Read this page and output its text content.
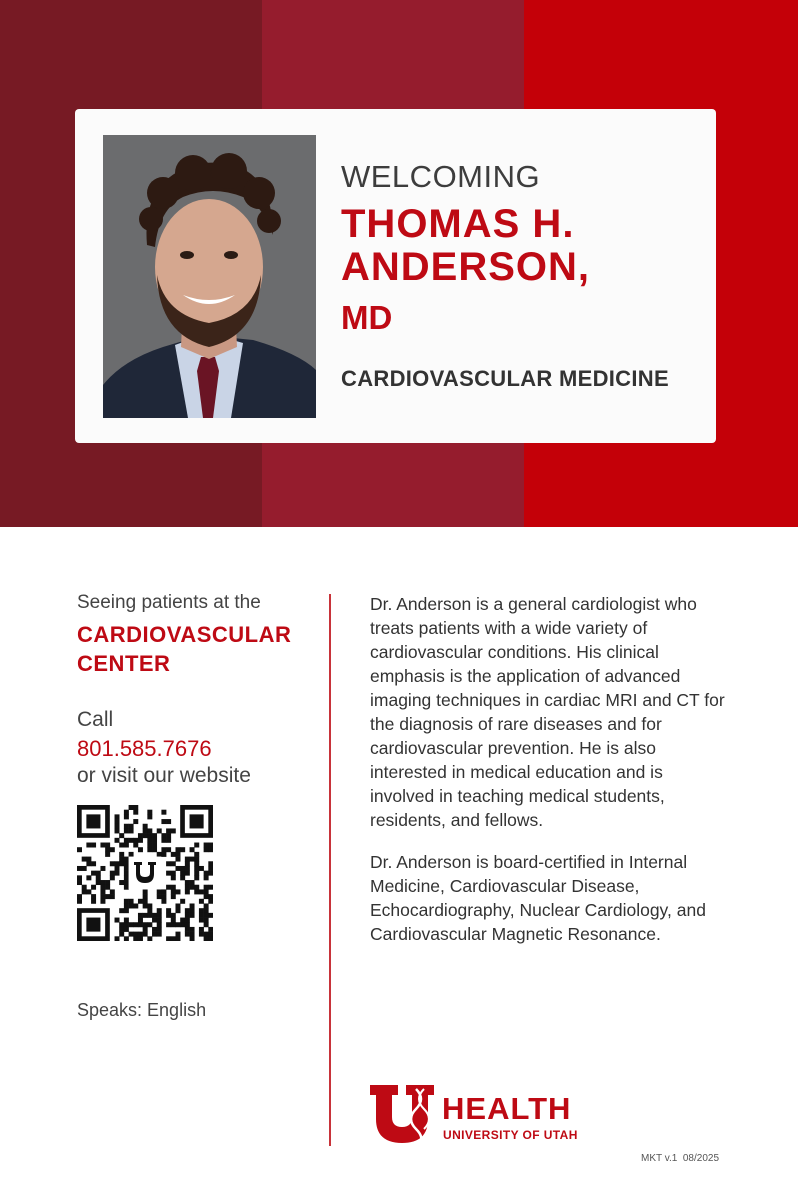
WELCOMING
THOMAS H.
ANDERSON,
MD
CARDIOVASCULAR MEDICINE
Seeing patients at the
CARDIOVASCULAR
CENTER
Call
801.585.7676
or visit our website
Speaks: English

Dr. Anderson is a general cardiologist who treats patients with a wide variety of cardiovascular conditions. His clinical emphasis is the application of advanced imaging techniques in cardiac MRI and CT for the diagnosis of rare diseases and for cardiovascular prevention. He is also interested in medical education and is involved in teaching medical students, residents, and fellows.

Dr. Anderson is board-certified in Internal Medicine, Cardiovascular Disease, Echocardiography, Nuclear Cardiology, and Cardiovascular Magnetic Resonance.

HEALTH
UNIVERSITY OF UTAH
MKT v.1  08/2025
